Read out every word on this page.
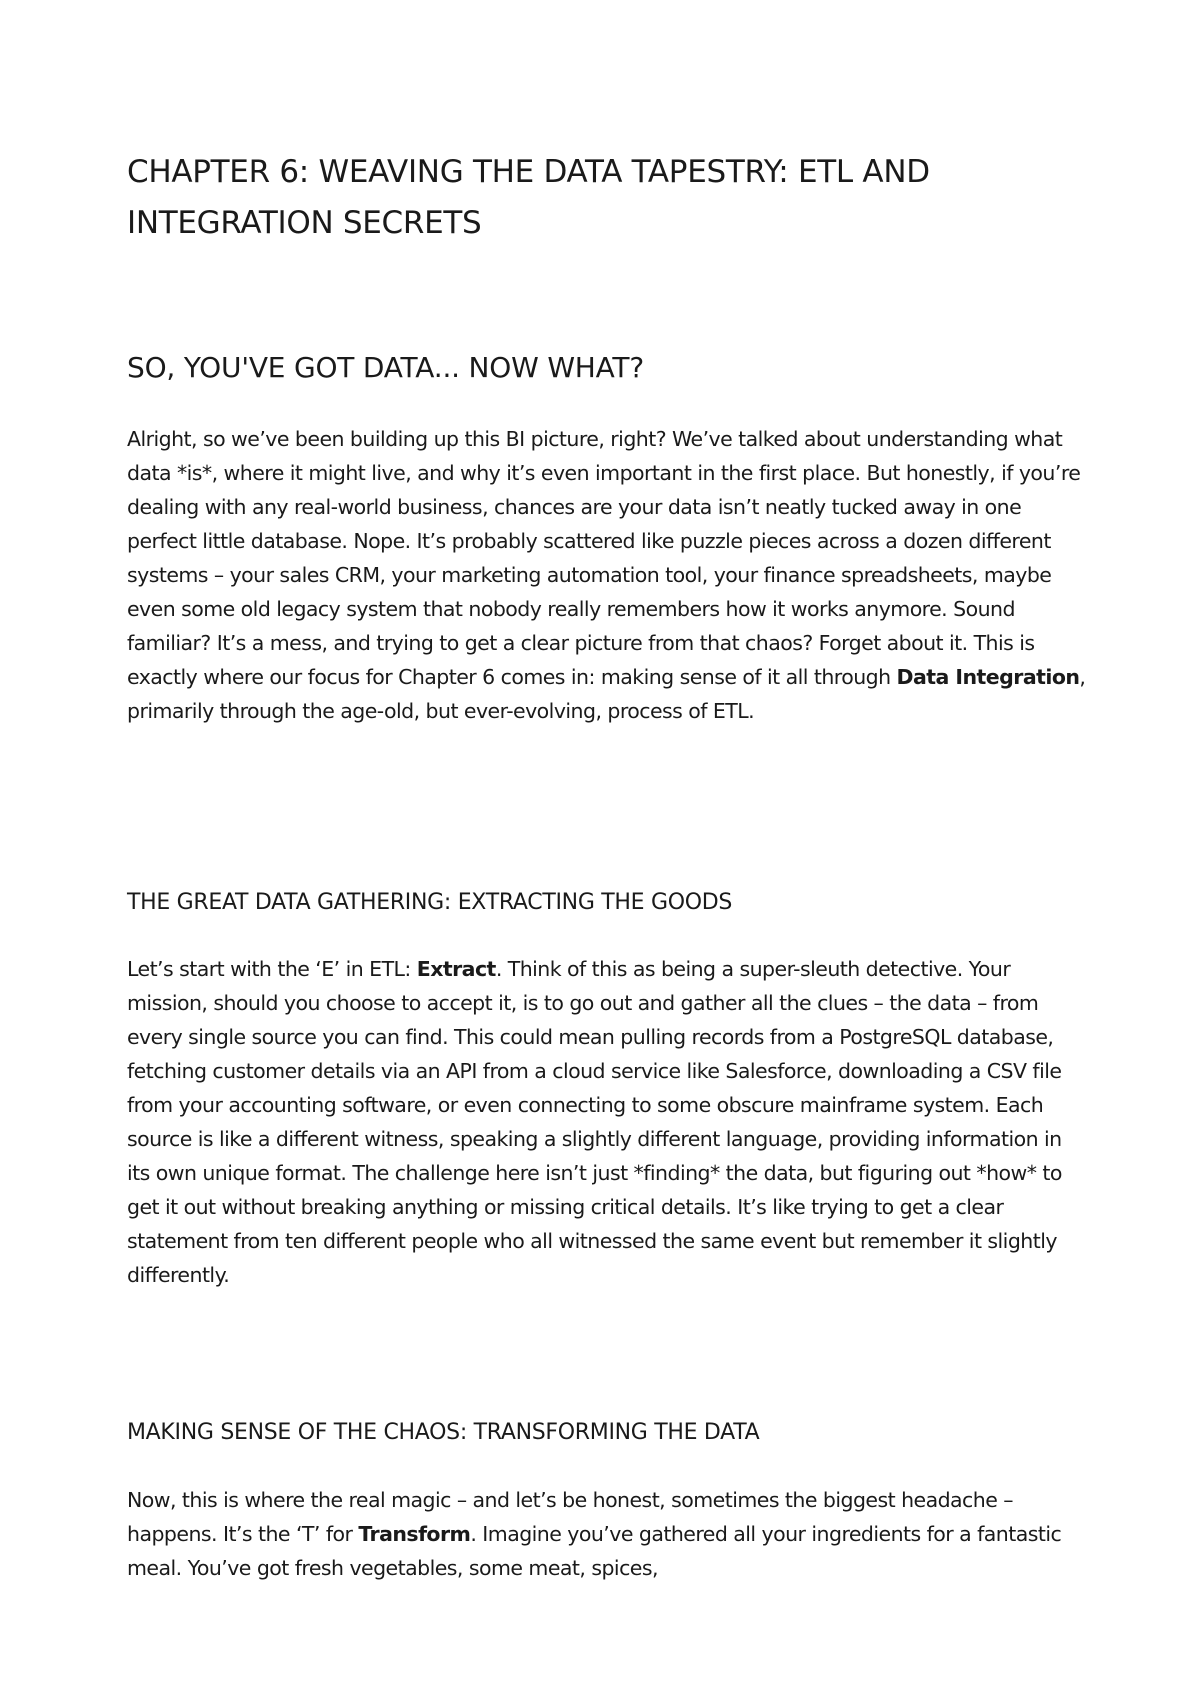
CHAPTER 6: WEAVING THE DATA TAPESTRY: ETL AND INTEGRATION SECRETS
SO, YOU'VE GOT DATA... NOW WHAT?

Alright, so we’ve been building up this BI picture, right? We’ve talked about understanding what data *is*, where it might live, and why it’s even important in the first place. But honestly, if you’re dealing with any real-world business, chances are your data isn’t neatly tucked away in one perfect little database. Nope. It’s probably scattered like puzzle pieces across a dozen different systems – your sales CRM, your marketing automation tool, your finance spreadsheets, maybe even some old legacy system that nobody really remembers how it works anymore. Sound familiar? It’s a mess, and trying to get a clear picture from that chaos? Forget about it. This is exactly where our focus for Chapter 6 comes in: making sense of it all through Data Integration, primarily through the age-old, but ever-evolving, process of ETL.

THE GREAT DATA GATHERING: EXTRACTING THE GOODS

Let’s start with the ‘E’ in ETL: Extract. Think of this as being a super-sleuth detective. Your mission, should you choose to accept it, is to go out and gather all the clues – the data – from every single source you can find. This could mean pulling records from a PostgreSQL database, fetching customer details via an API from a cloud service like Salesforce, downloading a CSV file from your accounting software, or even connecting to some obscure mainframe system. Each source is like a different witness, speaking a slightly different language, providing information in its own unique format. The challenge here isn’t just *finding* the data, but figuring out *how* to get it out without breaking anything or missing critical details. It’s like trying to get a clear statement from ten different people who all witnessed the same event but remember it slightly differently.

MAKING SENSE OF THE CHAOS: TRANSFORMING THE DATA

Now, this is where the real magic – and let’s be honest, sometimes the biggest headache – happens. It’s the ‘T’ for Transform. Imagine you’ve gathered all your ingredients for a fantastic meal. You’ve got fresh vegetables, some meat, spices,
